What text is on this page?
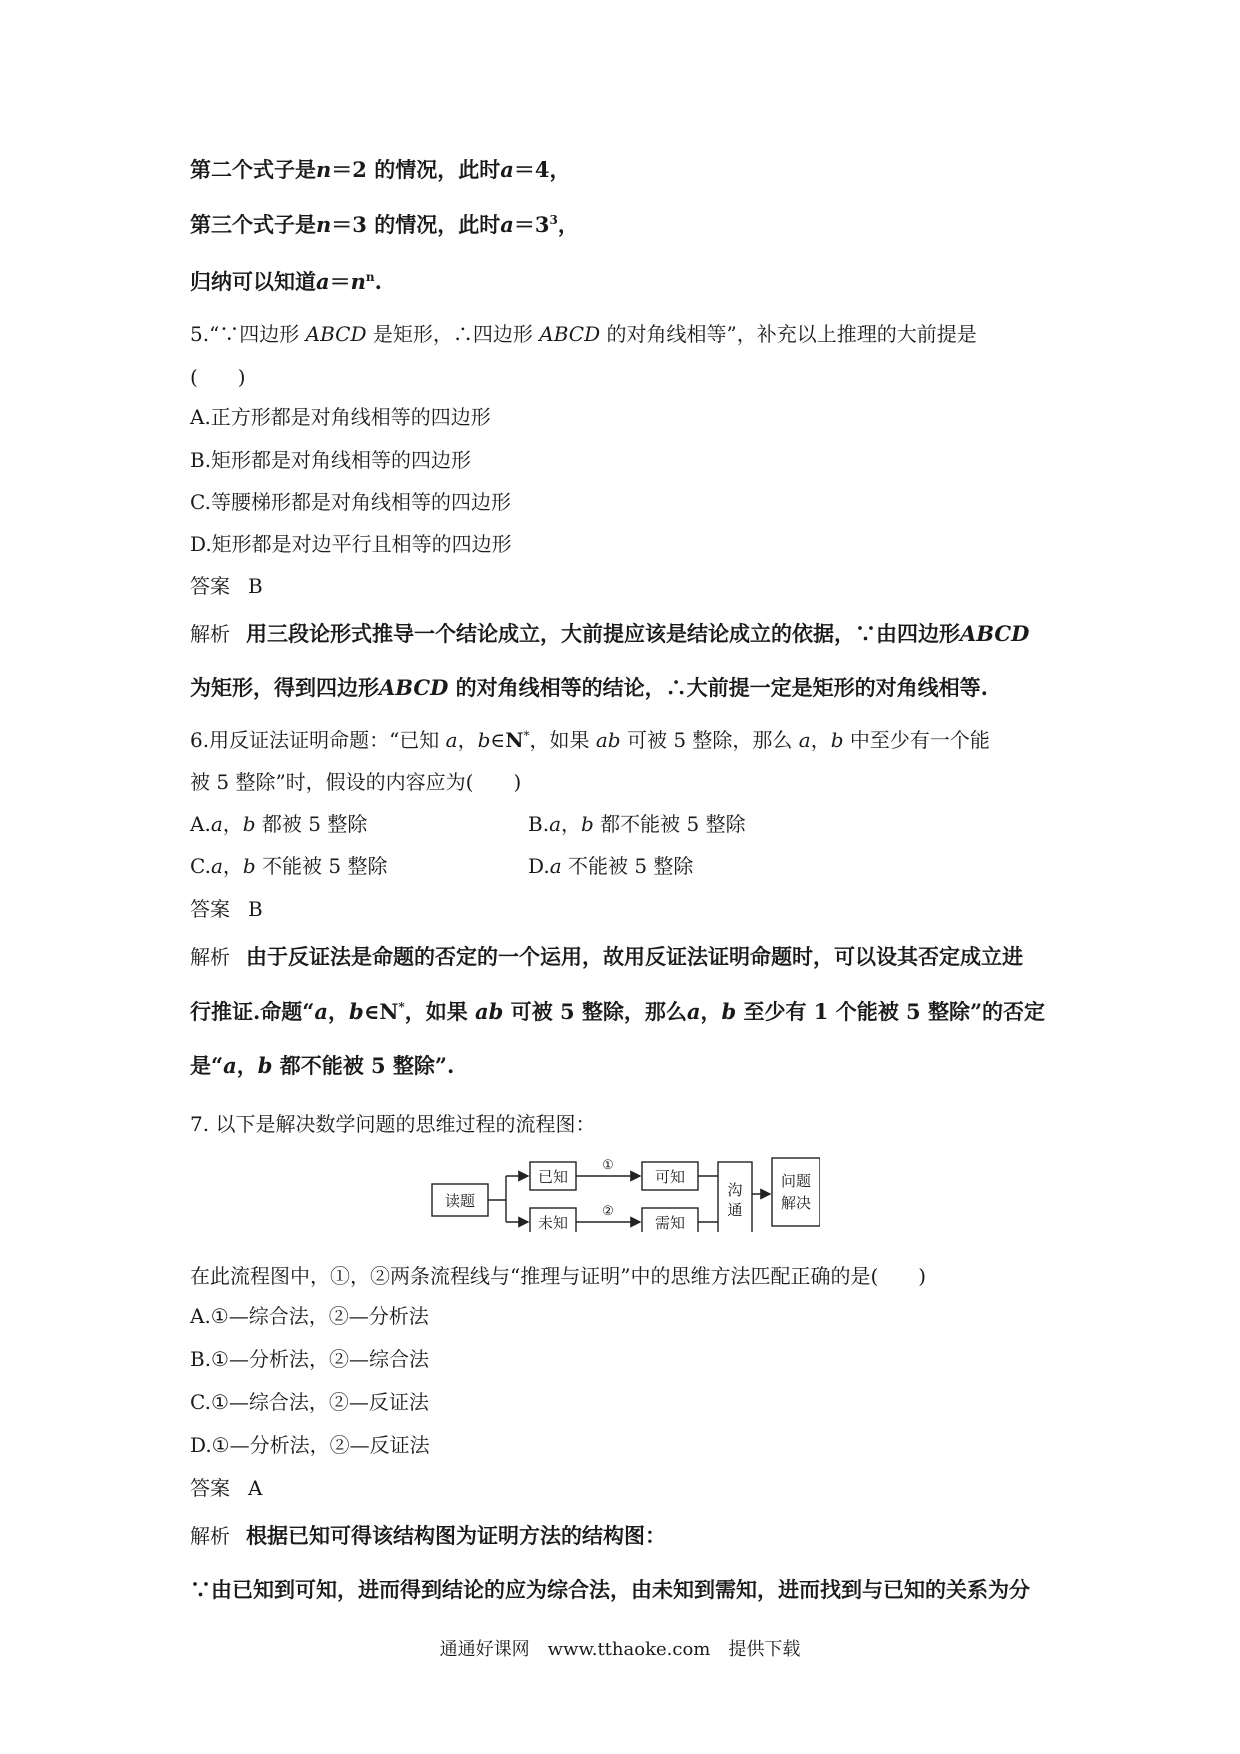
第二个式子是n＝2 的情况，此时a＝4，
第三个式子是n＝3 的情况，此时$a=3^3$，
归纳可以知道$a=n^n$.
5.“∵四边形 ABCD 是矩形，∴四边形 ABCD 的对角线相等”，补充以上推理的大前提是
(　　)
A.正方形都是对角线相等的四边形
B.矩形都是对角线相等的四边形
C.等腰梯形都是对角线相等的四边形
D.矩形都是对边平行且相等的四边形
答案 B
解析 用三段论形式推导一个结论成立，大前提应该是结论成立的依据，∵由四边形ABCD
为矩形，得到四边形ABCD 的对角线相等的结论，∴大前提一定是矩形的对角线相等.
6.用反证法证明命题：“已知 a，b∈N*，如果 ab 可被 5 整除，那么 a，b 中至少有一个能
被 5 整除”时，假设的内容应为(　　)
A.a，b 都被 5 整除	B.a，b 都不能被 5 整除
C.a，b 不能被 5 整除	D.a 不能被 5 整除
答案 B
解析 由于反证法是命题的否定的一个运用，故用反证法证明命题时，可以设其否定成立进
行推证.命题“a，b∈N*，如果 ab 可被 5 整除，那么a，b 至少有 1 个能被 5 整除”的否定
是“a，b 都不能被 5 整除”.
7. 以下是解决数学问题的思维过程的流程图：
读题
已知
未知
可知
需知
沟
通
问题
解决
①
②
在此流程图中，①，②两条流程线与“推理与证明”中的思维方法匹配正确的是(　　)
A.①—综合法，②—分析法
B.①—分析法，②—综合法
C.①—综合法，②—反证法
D.①—分析法，②—反证法
答案 A
解析 根据已知可得该结构图为证明方法的结构图：
∵由已知到可知，进而得到结论的应为综合法，由未知到需知，进而找到与已知的关系为分
通通好课网　www.tthaoke.com　提供下载
